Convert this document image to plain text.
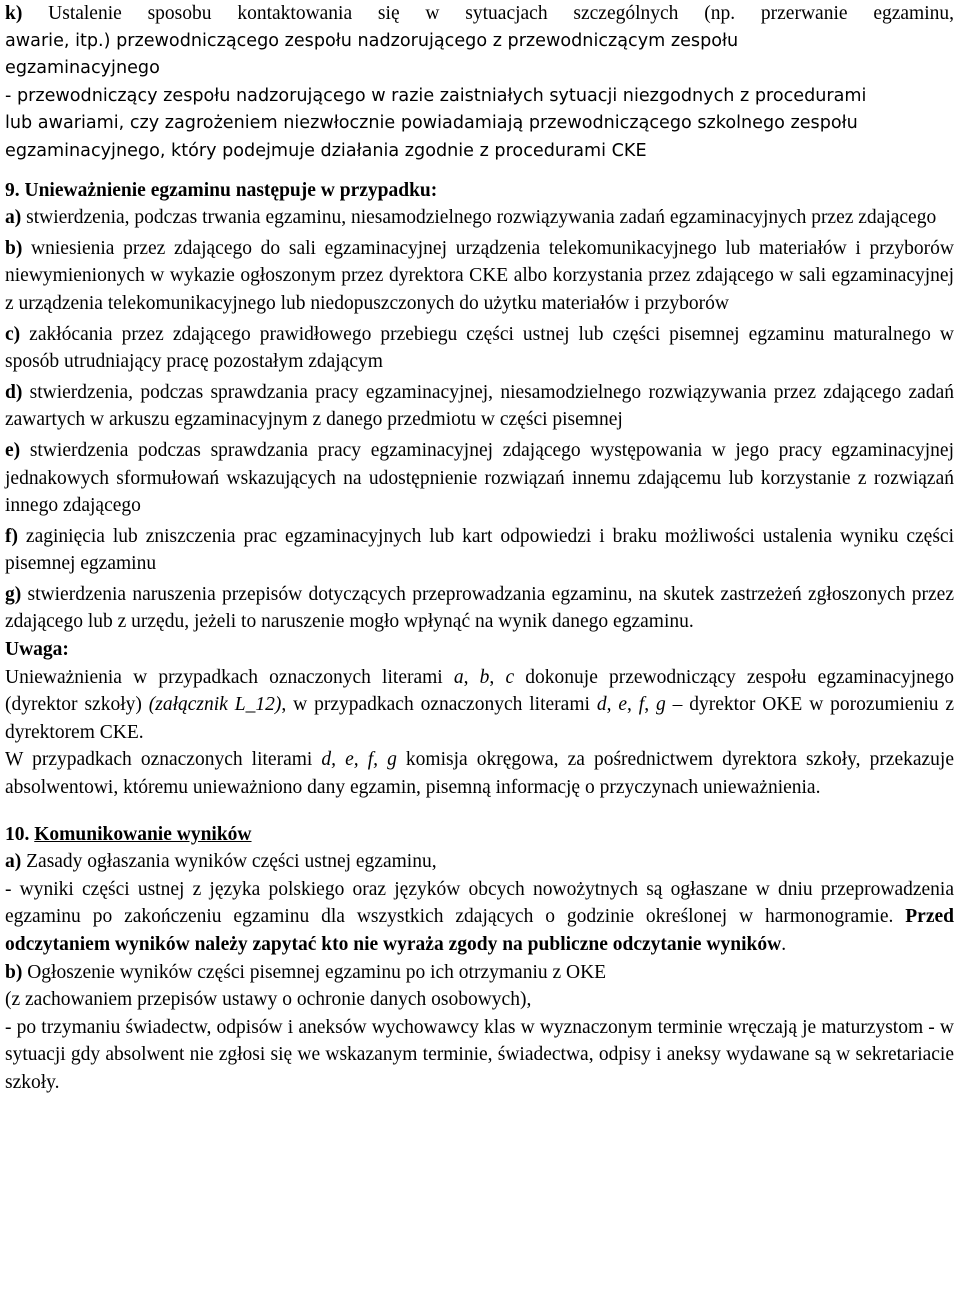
k) Ustalenie sposobu kontaktowania się w sytuacjach szczególnych (np. przerwanie egzaminu,

awarie, itp.) przewodniczącego zespołu nadzorującego z przewodniczącym zespołu
egzaminacyjnego
- przewodniczący zespołu nadzorującego w razie zaistniałych sytuacji niezgodnych z procedurami
lub awariami, czy zagrożeniem niezwłocznie powiadamiają przewodniczącego szkolnego zespołu
egzaminacyjnego, który podejmuje działania zgodnie z procedurami CKE

9. Unieważnienie egzaminu następuje w przypadku:

a) stwierdzenia, podczas trwania egzaminu, niesamodzielnego rozwiązywania zadań egzaminacyjnych przez zdającego

b) wniesienia przez zdającego do sali egzaminacyjnej urządzenia telekomunikacyjnego lub materiałów i przyborów niewymienionych w wykazie ogłoszonym przez dyrektora CKE albo korzystania przez zdającego w sali egzaminacyjnej z urządzenia telekomunikacyjnego lub niedopuszczonych do użytku materiałów i przyborów

c) zakłócania przez zdającego prawidłowego przebiegu części ustnej lub części pisemnej egzaminu maturalnego w sposób utrudniający pracę pozostałym zdającym

d) stwierdzenia, podczas sprawdzania pracy egzaminacyjnej, niesamodzielnego rozwiązywania przez zdającego zadań zawartych w arkuszu egzaminacyjnym z danego przedmiotu w części pisemnej

e) stwierdzenia podczas sprawdzania pracy egzaminacyjnej zdającego występowania w jego pracy egzaminacyjnej jednakowych sformułowań wskazujących na udostępnienie rozwiązań innemu zdającemu lub korzystanie z rozwiązań innego zdającego

f) zaginięcia lub zniszczenia prac egzaminacyjnych lub kart odpowiedzi i braku możliwości ustalenia wyniku części pisemnej egzaminu

g) stwierdzenia naruszenia przepisów dotyczących przeprowadzania egzaminu, na skutek zastrzeżeń zgłoszonych przez zdającego lub z urzędu, jeżeli to naruszenie mogło wpłynąć na wynik danego egzaminu.

Uwaga:

Unieważnienia w przypadkach oznaczonych literami a, b, c dokonuje przewodniczący zespołu egzaminacyjnego (dyrektor szkoły) (załącznik L_12), w przypadkach oznaczonych literami d, e, f, g – dyrektor OKE w porozumieniu z dyrektorem CKE.

W przypadkach oznaczonych literami d, e, f, g komisja okręgowa, za pośrednictwem dyrektora szkoły, przekazuje absolwentowi, któremu unieważniono dany egzamin, pisemną informację o przyczynach unieważnienia.

10. Komunikowanie wyników

a) Zasady ogłaszania wyników części ustnej egzaminu,

- wyniki części ustnej z języka polskiego oraz języków obcych nowożytnych są ogłaszane w dniu przeprowadzenia egzaminu po zakończeniu egzaminu dla wszystkich zdających o godzinie określonej w harmonogramie. Przed odczytaniem wyników należy zapytać kto nie wyraża zgody na publiczne odczytanie wyników.

b) Ogłoszenie wyników części pisemnej egzaminu po ich otrzymaniu z OKE

(z zachowaniem przepisów ustawy o ochronie danych osobowych),

- po trzymaniu świadectw, odpisów i aneksów wychowawcy klas w wyznaczonym terminie wręczają je maturzystom - w sytuacji gdy absolwent nie zgłosi się we wskazanym terminie, świadectwa, odpisy i aneksy wydawane są w sekretariacie szkoły.
